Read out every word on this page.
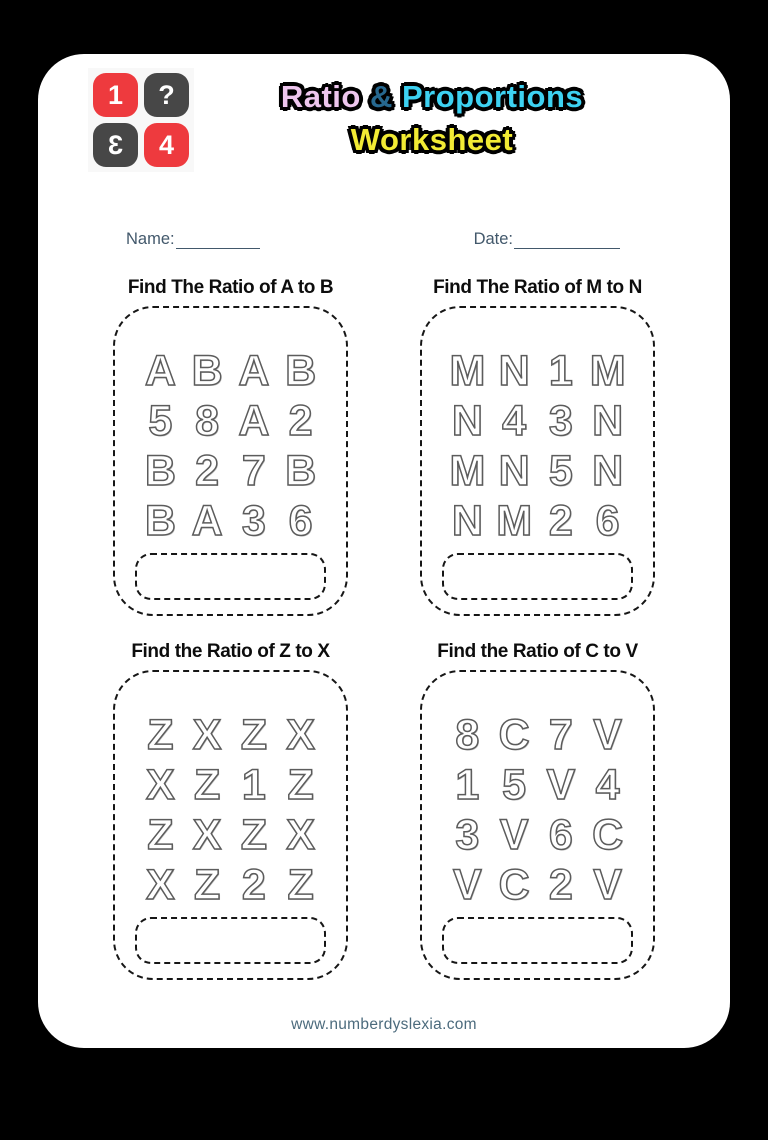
1 ?
3 4
Ratio & Proportions
Worksheet
Name:	Date:
Find The Ratio of A to B
A B A B
5 8 A 2
B 2 7 B
B A 3 6
Find The Ratio of M to N
M N 1 M
N 4 3 N
M N 5 N
N M 2 6
Find the Ratio of Z to X
Z X Z X
X Z 1 Z
Z X Z X
X Z 2 Z
Find the Ratio of C to V
8 C 7 V
1 5 V 4
3 V 6 C
V C 2 V
www.numberdyslexia.com
